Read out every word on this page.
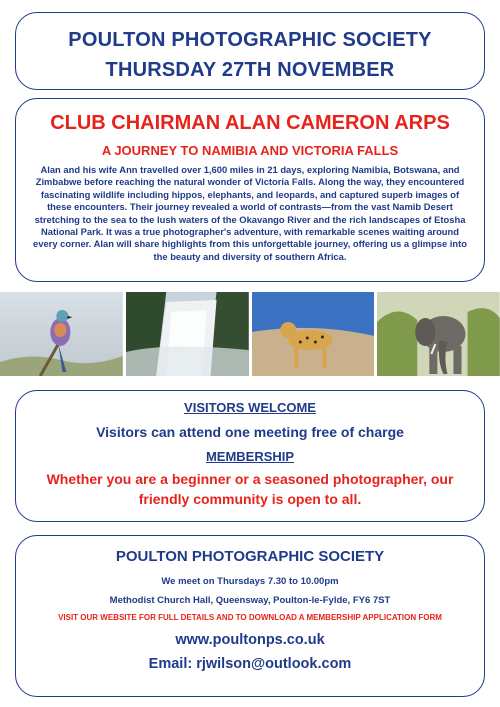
POULTON PHOTOGRAPHIC SOCIETY
THURSDAY 27TH NOVEMBER
CLUB CHAIRMAN ALAN CAMERON ARPS
A JOURNEY TO NAMIBIA AND VICTORIA FALLS
Alan and his wife Ann travelled over 1,600 miles in 21 days, exploring Namibia, Botswana, and Zimbabwe before reaching the natural wonder of Victoria Falls. Along the way, they encountered fascinating wildlife including hippos, elephants, and leopards, and captured superb images of these encounters. Their journey revealed a world of contrasts—from the vast Namib Desert stretching to the sea to the lush waters of the Okavango River and the rich landscapes of Etosha National Park. It was a true photographer's adventure, with remarkable scenes waiting around every corner. Alan will share highlights from this unforgettable journey, offering us a glimpse into the beauty and diversity of southern Africa.
VISITORS WELCOME
Visitors can attend one meeting free of charge
MEMBERSHIP
Whether you are a beginner or a seasoned photographer, our friendly community is open to all.
POULTON PHOTOGRAPHIC SOCIETY
We meet on Thursdays 7.30 to 10.00pm
Methodist Church Hall, Queensway, Poulton-le-Fylde, FY6 7ST
VISIT OUR WEBSITE FOR FULL DETAILS AND TO DOWNLOAD A MEMBERSHIP APPLICATION FORM
www.poultonps.co.uk
Email: rjwilson@outlook.com
